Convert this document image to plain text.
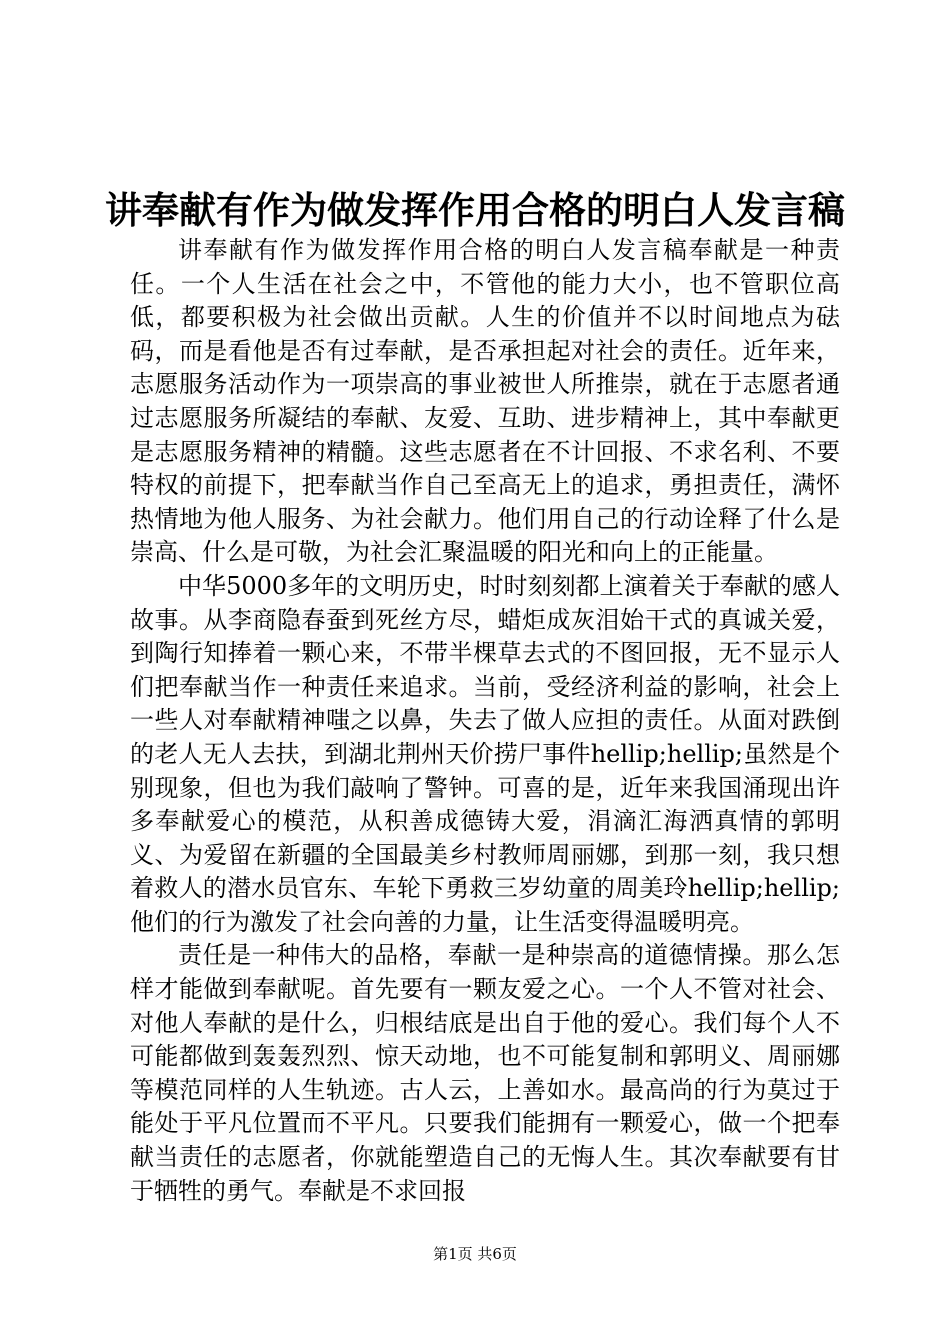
讲奉献有作为做发挥作用合格的明白人发言稿

讲奉献有作为做发挥作用合格的明白人发言稿奉献是一种责任。一个人生活在社会之中，不管他的能力大小，也不管职位高低，都要积极为社会做出贡献。人生的价值并不以时间地点为砝码，而是看他是否有过奉献，是否承担起对社会的责任。近年来，志愿服务活动作为一项崇高的事业被世人所推崇，就在于志愿者通过志愿服务所凝结的奉献、友爱、互助、进步精神上，其中奉献更是志愿服务精神的精髓。这些志愿者在不计回报、不求名利、不要特权的前提下，把奉献当作自己至高无上的追求，勇担责任，满怀热情地为他人服务、为社会献力。他们用自己的行动诠释了什么是崇高、什么是可敬，为社会汇聚温暖的阳光和向上的正能量。

中华5000多年的文明历史，时时刻刻都上演着关于奉献的感人故事。从李商隐春蚕到死丝方尽，蜡炬成灰泪始干式的真诚关爱，到陶行知捧着一颗心来，不带半棵草去式的不图回报，无不显示人们把奉献当作一种责任来追求。当前，受经济利益的影响，社会上一些人对奉献精神嗤之以鼻，失去了做人应担的责任。从面对跌倒的老人无人去扶，到湖北荆州天价捞尸事件hellip;hellip;虽然是个别现象，但也为我们敲响了警钟。可喜的是，近年来我国涌现出许多奉献爱心的模范，从积善成德铸大爱，涓滴汇海洒真情的郭明义、为爱留在新疆的全国最美乡村教师周丽娜，到那一刻，我只想着救人的潜水员官东、车轮下勇救三岁幼童的周美玲hellip;hellip;他们的行为激发了社会向善的力量，让生活变得温暖明亮。

责任是一种伟大的品格，奉献一是种崇高的道德情操。那么怎样才能做到奉献呢。首先要有一颗友爱之心。一个人不管对社会、对他人奉献的是什么，归根结底是出自于他的爱心。我们每个人不可能都做到轰轰烈烈、惊天动地，也不可能复制和郭明义、周丽娜等模范同样的人生轨迹。古人云，上善如水。最高尚的行为莫过于能处于平凡位置而不平凡。只要我们能拥有一颗爱心，做一个把奉献当责任的志愿者，你就能塑造自己的无悔人生。其次奉献要有甘于牺牲的勇气。奉献是不求回报

第1页 共6页
